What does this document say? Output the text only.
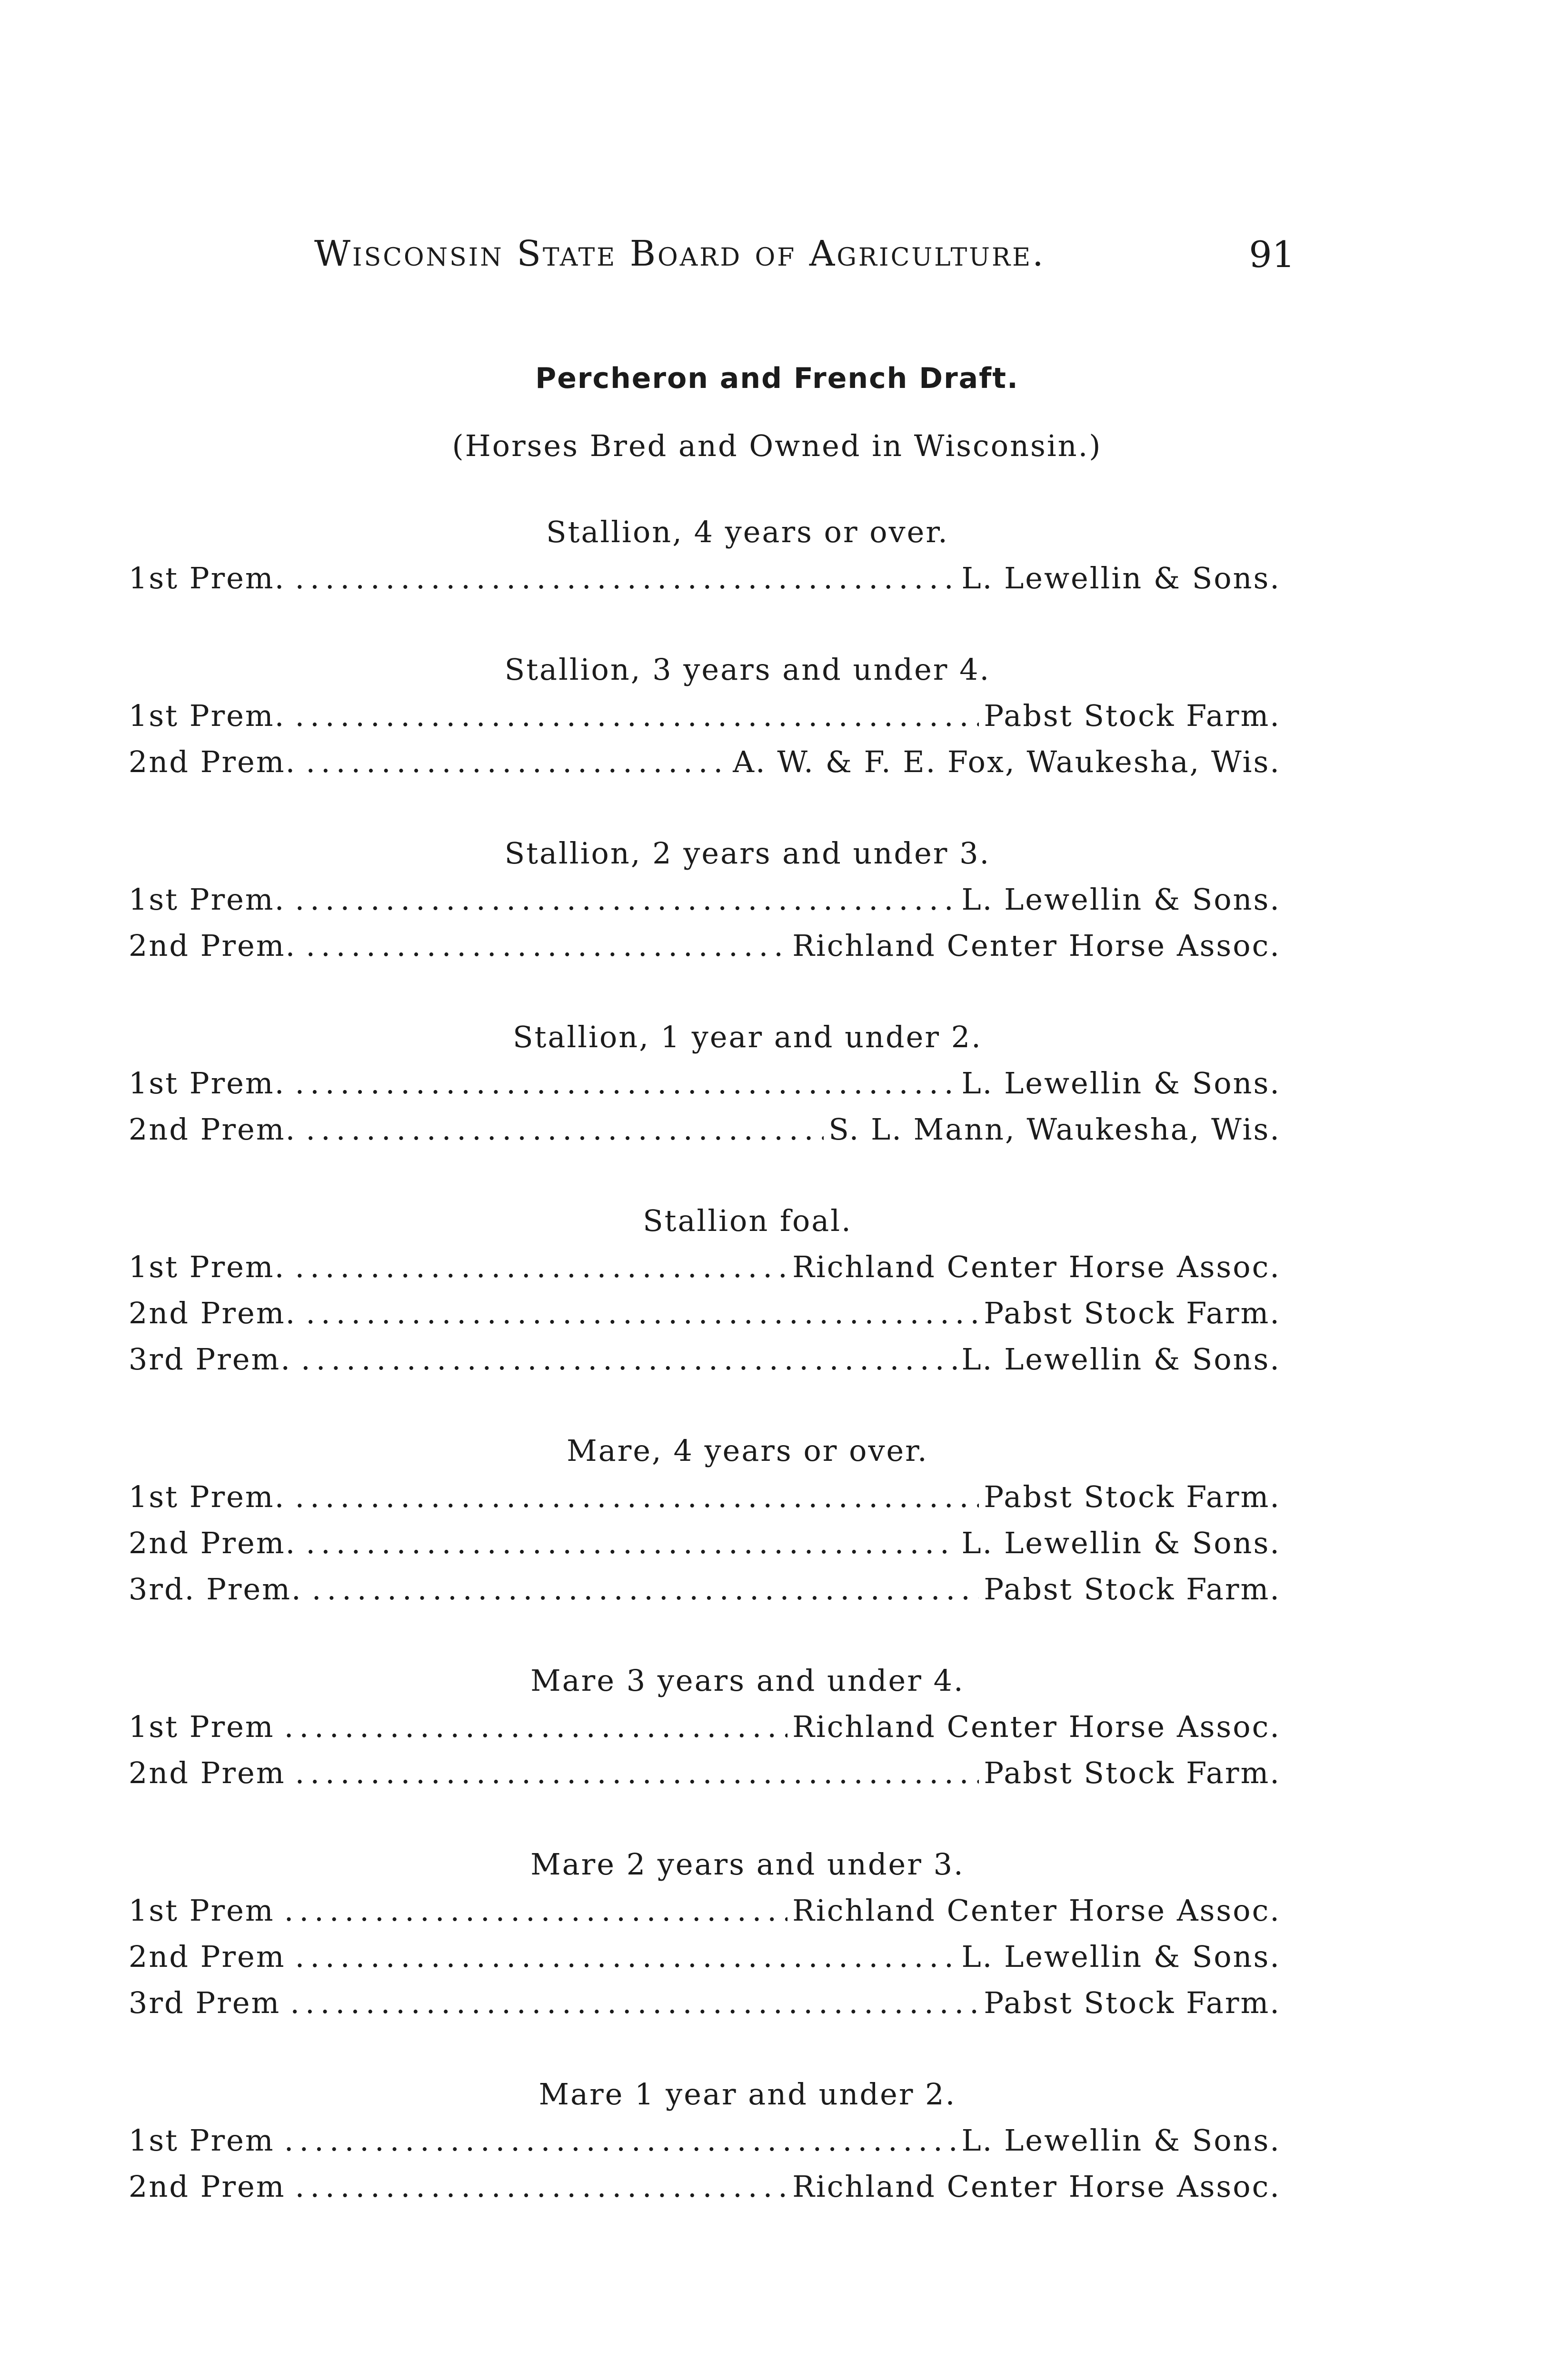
Wisconsin State Board of Agriculture.	91
Percheron and French Draft.
(Horses Bred and Owned in Wisconsin.)
Stallion, 4 years or over.
1st Prem. .....	L. Lewellin & Sons.
Stallion, 3 years and under 4.
1st Prem. .....	Pabst Stock Farm.
2nd Prem. .....	A. W. & F. E. Fox, Waukesha, Wis.
Stallion, 2 years and under 3.
1st Prem. .....	L. Lewellin & Sons.
2nd Prem. .....	Richland Center Horse Assoc.
Stallion, 1 year and under 2.
1st Prem. .....	L. Lewellin & Sons.
2nd Prem. .....	S. L. Mann, Waukesha, Wis.
Stallion foal.
1st Prem. .....	Richland Center Horse Assoc.
2nd Prem. .....	Pabst Stock Farm.
3rd Prem. .....	L. Lewellin & Sons.
Mare, 4 years or over.
1st Prem. .....	Pabst Stock Farm.
2nd Prem. .....	L. Lewellin & Sons.
3rd. Prem. .....	Pabst Stock Farm.
Mare 3 years and under 4.
1st Prem .....	Richland Center Horse Assoc.
2nd Prem .....	Pabst Stock Farm.
Mare 2 years and under 3.
1st Prem .....	Richland Center Horse Assoc.
2nd Prem .....	L. Lewellin & Sons.
3rd Prem .....	Pabst Stock Farm.
Mare 1 year and under 2.
1st Prem .....	L. Lewellin & Sons.
2nd Prem .....	Richland Center Horse Assoc.
